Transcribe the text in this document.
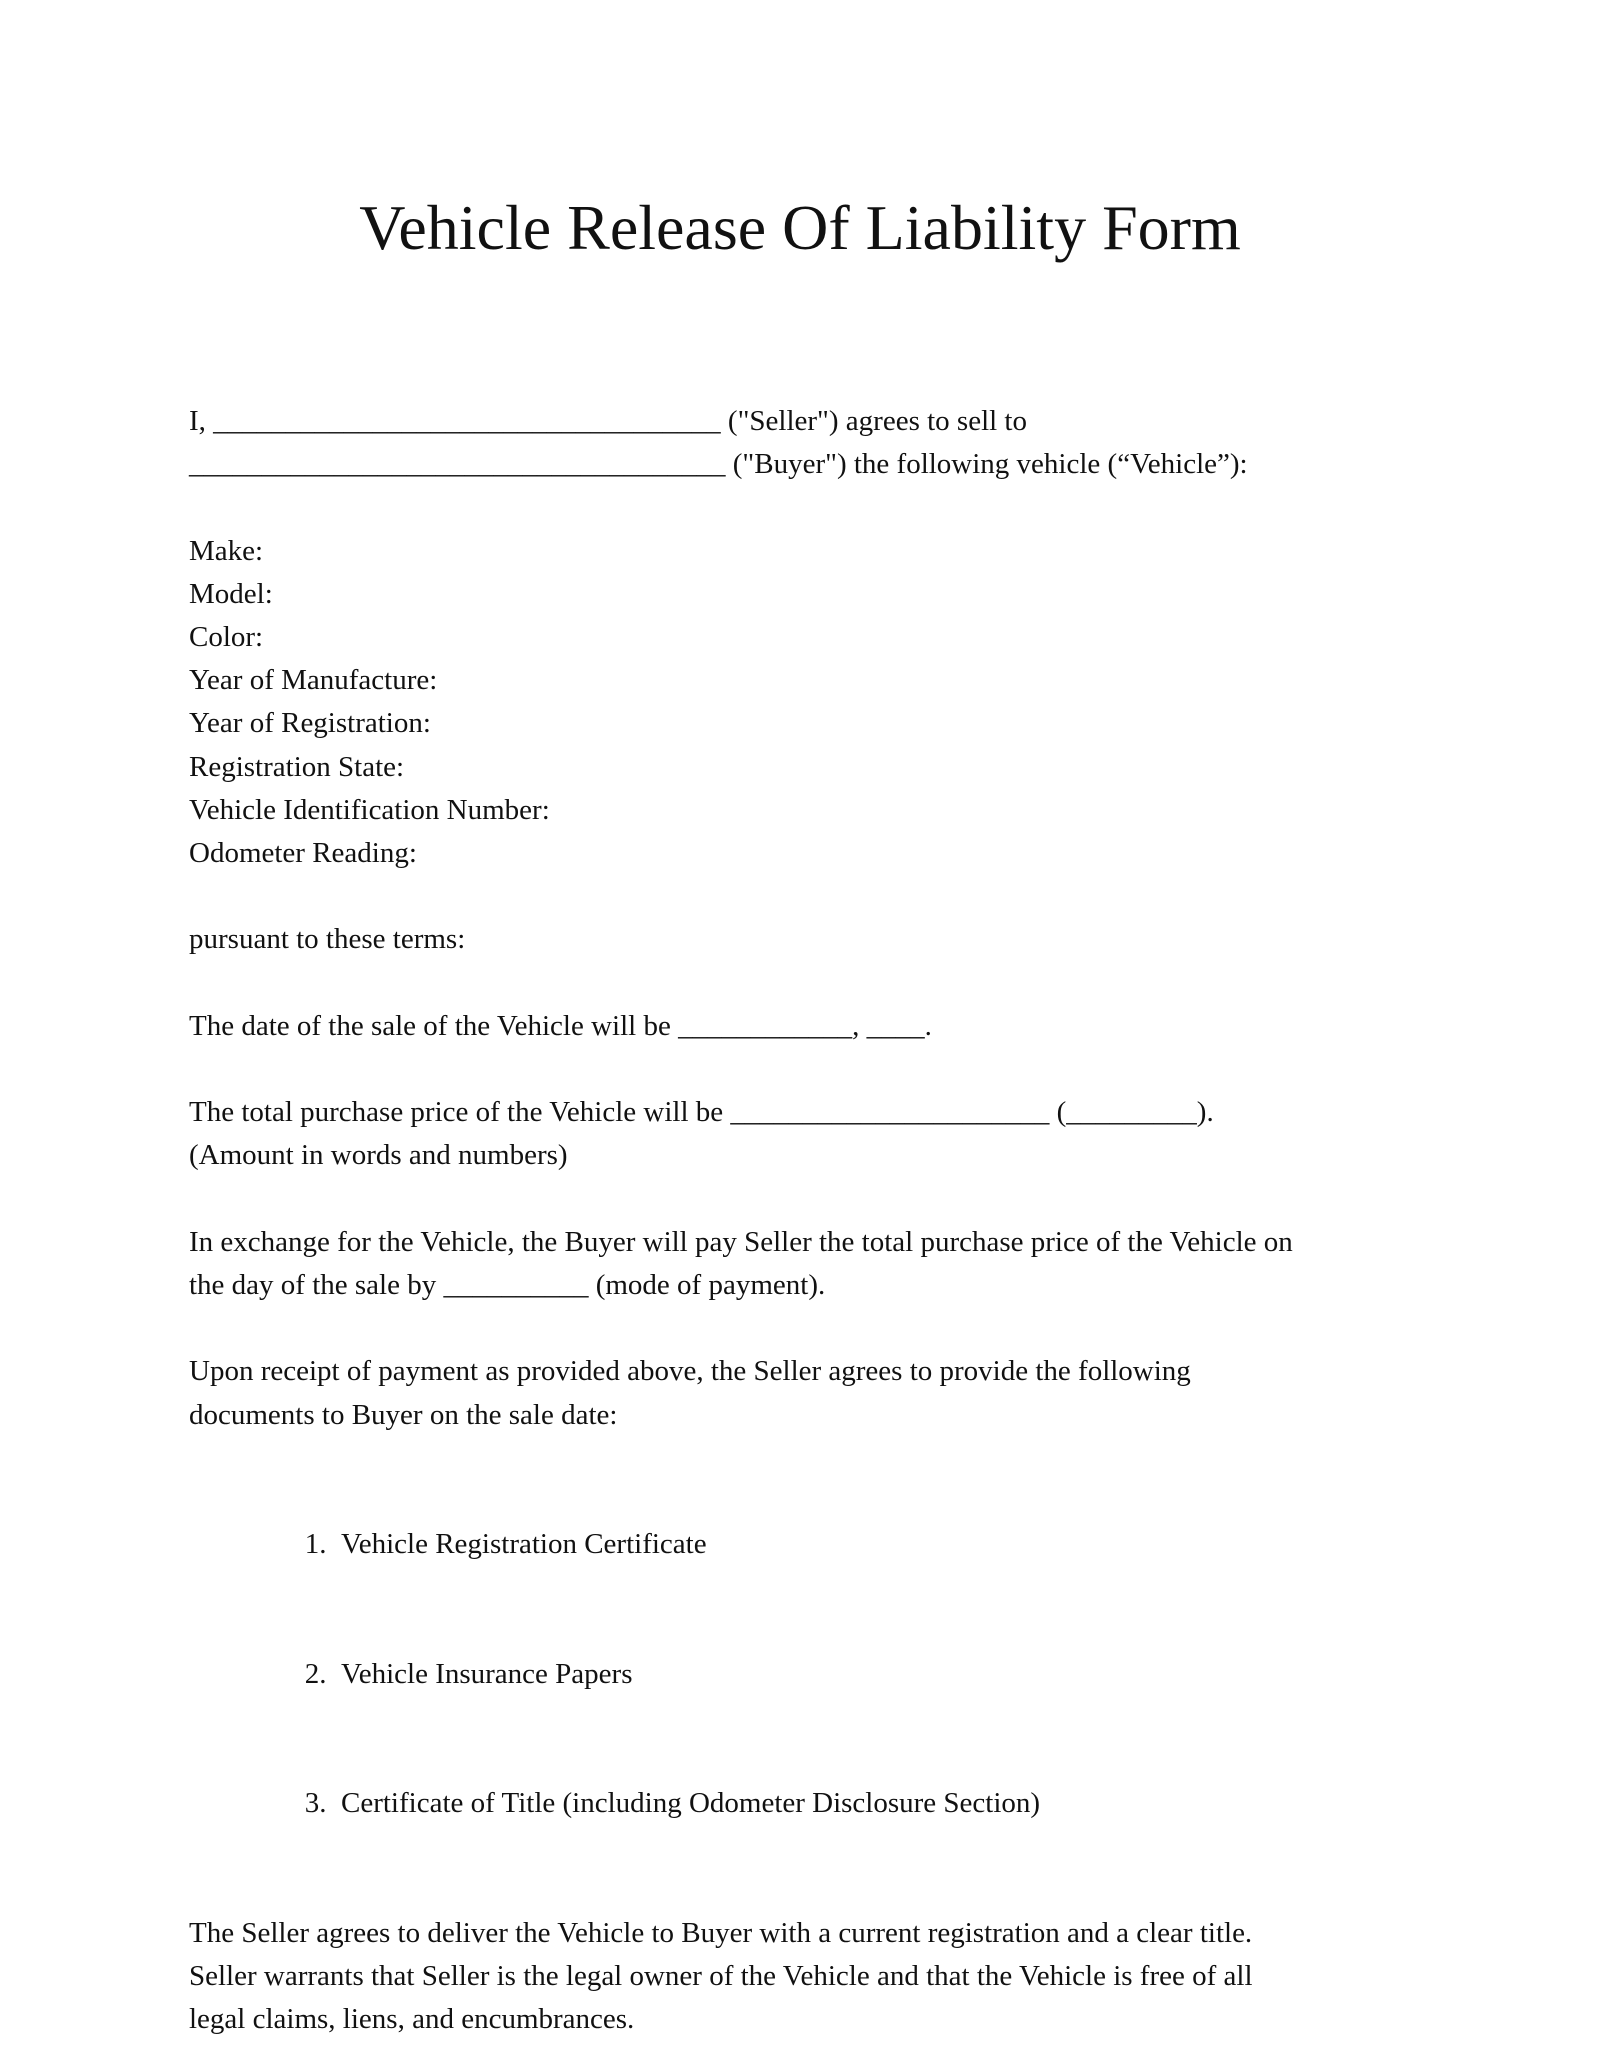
Vehicle Release Of Liability Form
I, ___________________________________ ("Seller") agrees to sell to
_____________________________________ ("Buyer") the following vehicle (“Vehicle”):
Make:
Model:
Color:
Year of Manufacture:
Year of Registration:
Registration State:
Vehicle Identification Number:
Odometer Reading:
pursuant to these terms:
The date of the sale of the Vehicle will be ____________, ____.
The total purchase price of the Vehicle will be ______________________ (_________).
(Amount in words and numbers)
In exchange for the Vehicle, the Buyer will pay Seller the total purchase price of the Vehicle on
the day of the sale by __________ (mode of payment).
Upon receipt of payment as provided above, the Seller agrees to provide the following
documents to Buyer on the sale date:

1.  Vehicle Registration Certificate

2.  Vehicle Insurance Papers

3.  Certificate of Title (including Odometer Disclosure Section)

The Seller agrees to deliver the Vehicle to Buyer with a current registration and a clear title.
Seller warrants that Seller is the legal owner of the Vehicle and that the Vehicle is free of all
legal claims, liens, and encumbrances.
